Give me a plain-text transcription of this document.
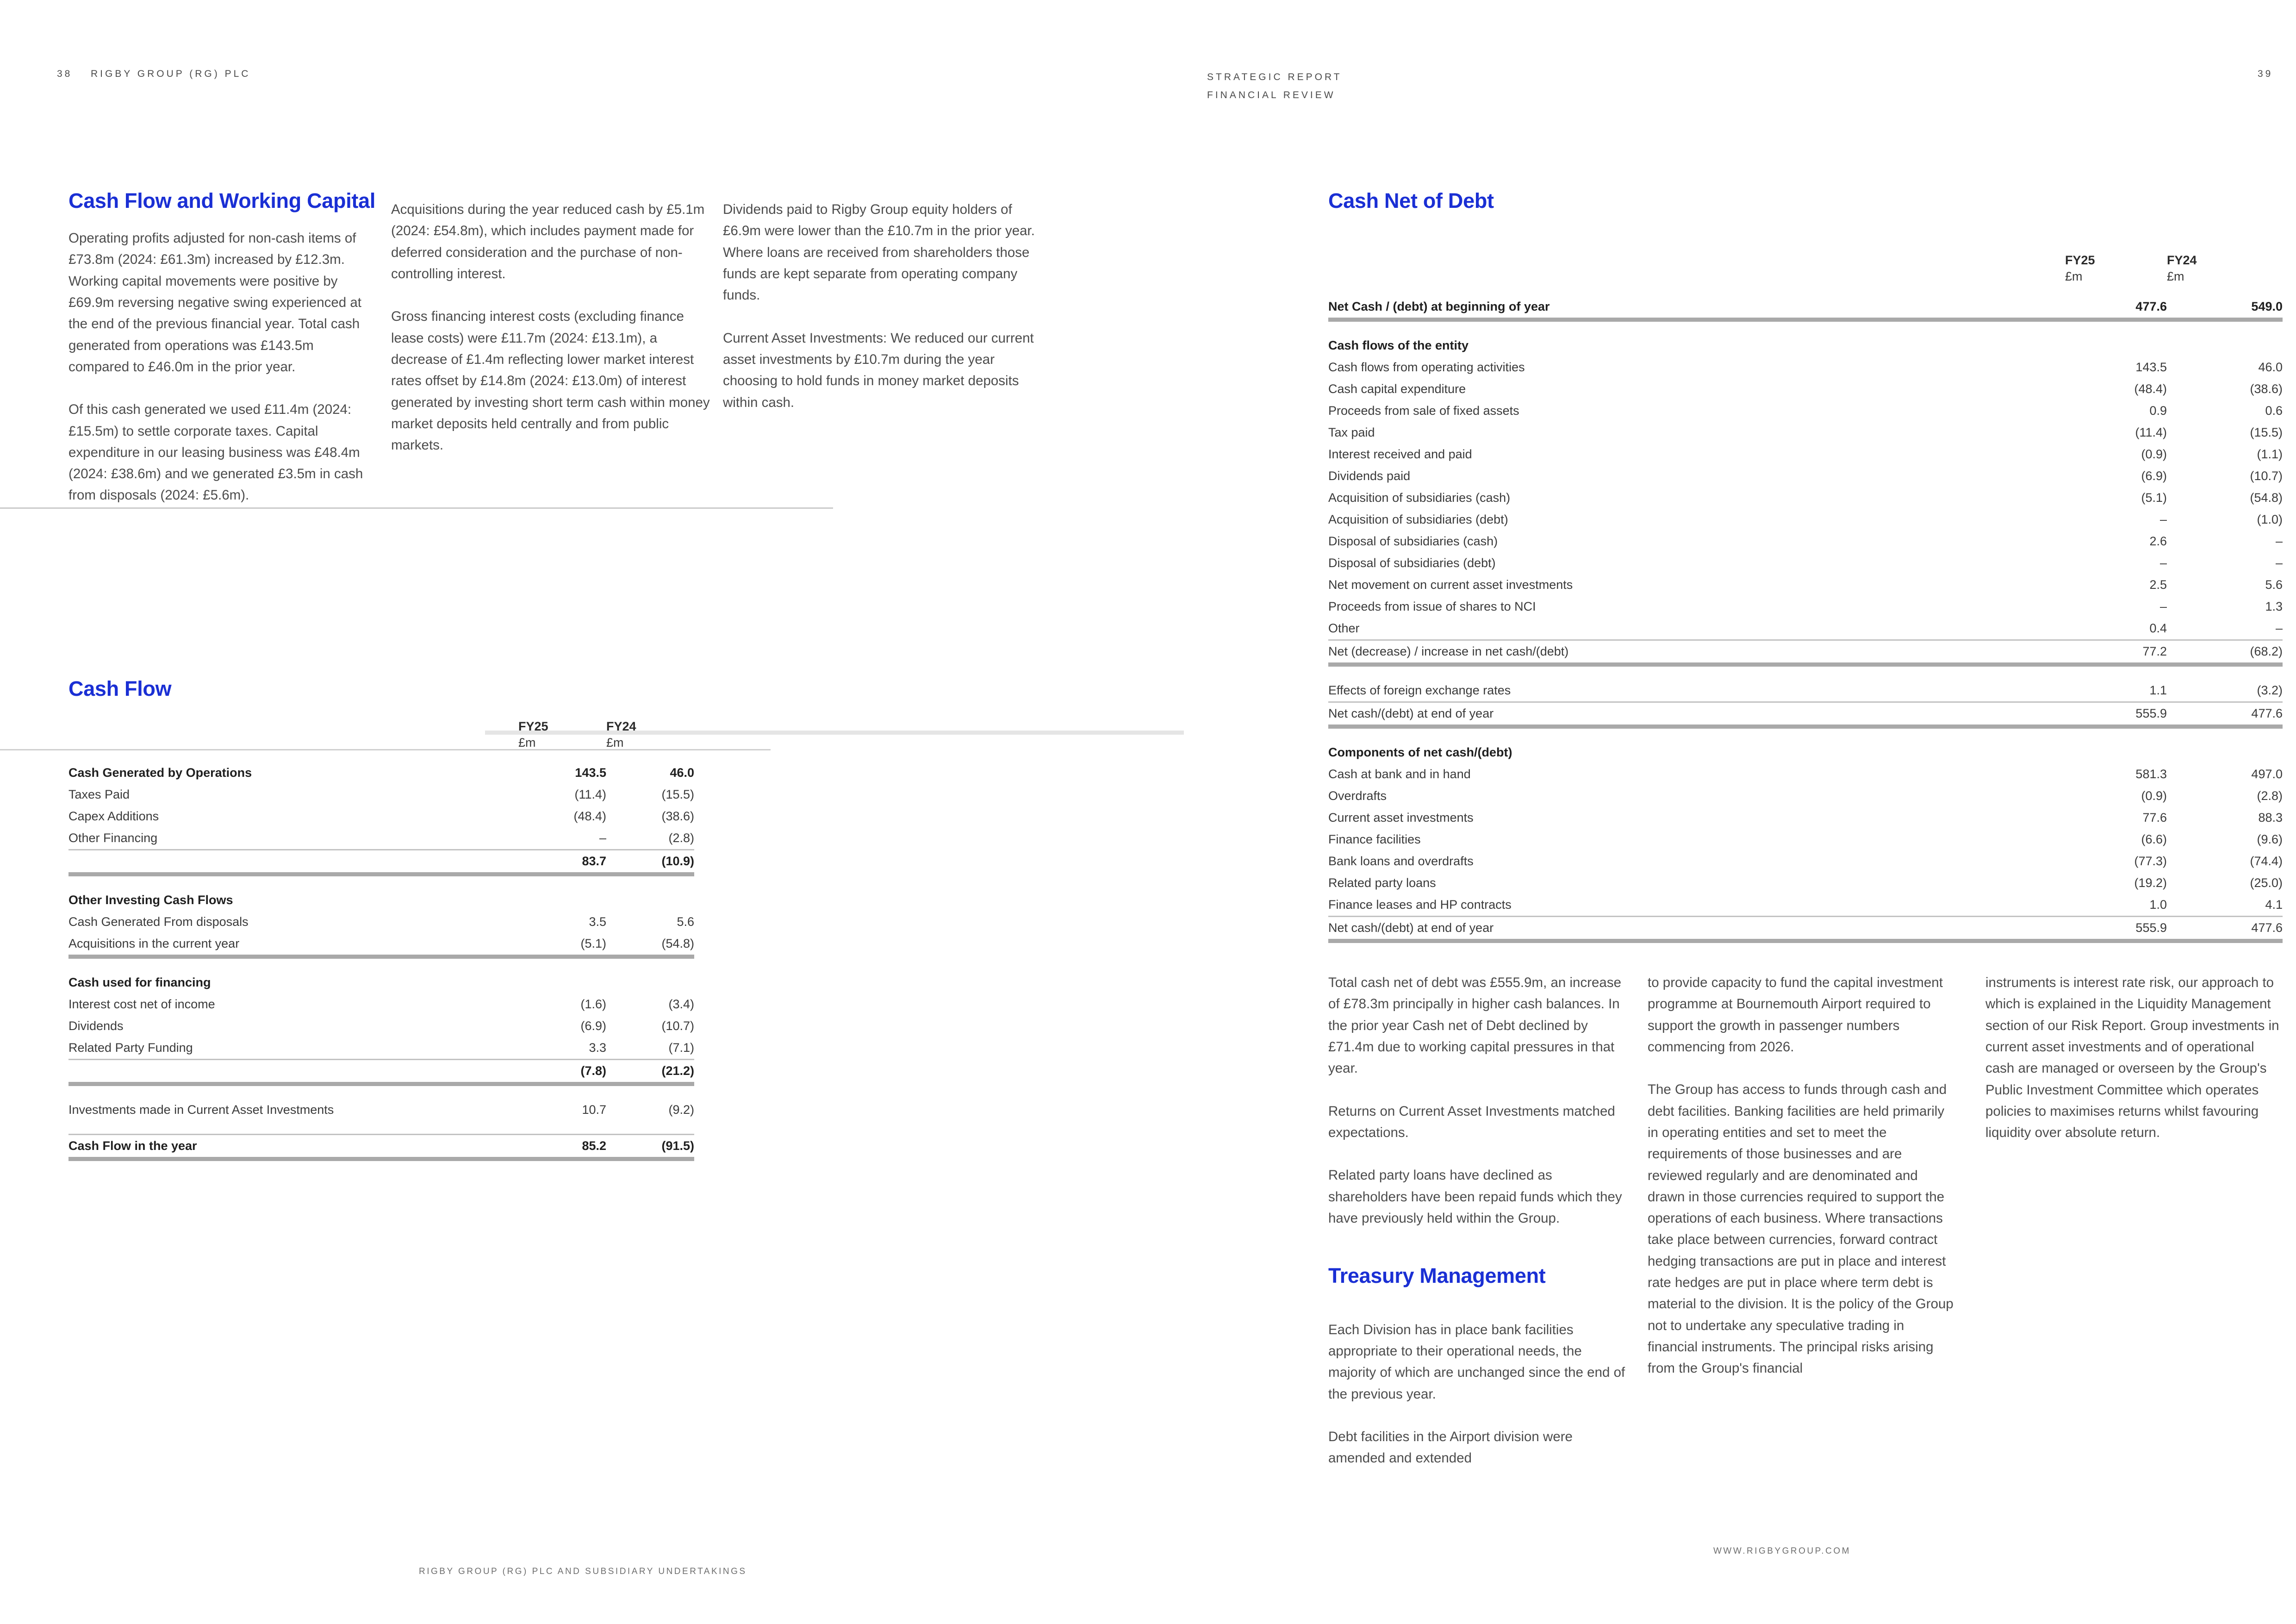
38 RIGBY GROUP (RG) PLC
Cash Flow and Working Capital

Operating profits adjusted for non-cash items of £73.8m (2024: £61.3m) increased by £12.3m. Working capital movements were positive by £69.9m reversing negative swing experienced at the end of the previous financial year. Total cash generated from operations was £143.5m compared to £46.0m in the prior year.

Of this cash generated we used £11.4m (2024: £15.5m) to settle corporate taxes. Capital expenditure in our leasing business was £48.4m (2024: £38.6m) and we generated £3.5m in cash from disposals (2024: £5.6m).

Acquisitions during the year reduced cash by £5.1m (2024: £54.8m), which includes payment made for deferred consideration and the purchase of non-controlling interest.

Gross financing interest costs (excluding finance lease costs) were £11.7m (2024: £13.1m), a decrease of £1.4m reflecting lower market interest rates offset by £14.8m (2024: £13.0m) of interest generated by investing short term cash within money market deposits held centrally and from public markets.

Dividends paid to Rigby Group equity holders of £6.9m were lower than the £10.7m in the prior year. Where loans are received from shareholders those funds are kept separate from operating company funds.

Current Asset Investments: We reduced our current asset investments by £10.7m during the year choosing to hold funds in money market deposits within cash.

Cash Flow
FY25	FY24
£m	£m
Cash Generated by Operations	143.5	46.0
Taxes Paid	(11.4)	(15.5)
Capex Additions	(48.4)	(38.6)
Other Financing	–	(2.8)
83.7	(10.9)
Other Investing Cash Flows
Cash Generated From disposals	3.5	5.6
Acquisitions in the current year	(5.1)	(54.8)
Cash used for financing
Interest cost net of income	(1.6)	(3.4)
Dividends	(6.9)	(10.7)
Related Party Funding	3.3	(7.1)
(7.8)	(21.2)
Investments made in Current Asset Investments	10.7	(9.2)
Cash Flow in the year	85.2	(91.5)
RIGBY GROUP (RG) PLC AND SUBSIDIARY UNDERTAKINGS
STRATEGIC REPORT
FINANCIAL REVIEW
39
Cash Net of Debt
FY25	FY24
£m	£m
Net Cash / (debt) at beginning of year	477.6	549.0
Cash flows of the entity
Cash flows from operating activities	143.5	46.0
Cash capital expenditure	(48.4)	(38.6)
Proceeds from sale of fixed assets	0.9	0.6
Tax paid	(11.4)	(15.5)
Interest received and paid	(0.9)	(1.1)
Dividends paid	(6.9)	(10.7)
Acquisition of subsidiaries (cash)	(5.1)	(54.8)
Acquisition of subsidiaries (debt)	–	(1.0)
Disposal of subsidiaries (cash)	2.6	–
Disposal of subsidiaries (debt)	–	–
Net movement on current asset investments	2.5	5.6
Proceeds from issue of shares to NCI	–	1.3
Other	0.4	–
Net (decrease) / increase in net cash/(debt)	77.2	(68.2)
Effects of foreign exchange rates	1.1	(3.2)
Net cash/(debt) at end of year	555.9	477.6
Components of net cash/(debt)
Cash at bank and in hand	581.3	497.0
Overdrafts	(0.9)	(2.8)
Current asset investments	77.6	88.3
Finance facilities	(6.6)	(9.6)
Bank loans and overdrafts	(77.3)	(74.4)
Related party loans	(19.2)	(25.0)
Finance leases and HP contracts	1.0	4.1
Net cash/(debt) at end of year	555.9	477.6

Total cash net of debt was £555.9m, an increase of £78.3m principally in higher cash balances. In the prior year Cash net of Debt declined by £71.4m due to working capital pressures in that year.

Returns on Current Asset Investments matched expectations.

Related party loans have declined as shareholders have been repaid funds which they have previously held within the Group.

Treasury Management

Each Division has in place bank facilities appropriate to their operational needs, the majority of which are unchanged since the end of the previous year.

Debt facilities in the Airport division were amended and extended

to provide capacity to fund the capital investment programme at Bournemouth Airport required to support the growth in passenger numbers commencing from 2026.

The Group has access to funds through cash and debt facilities. Banking facilities are held primarily in operating entities and set to meet the requirements of those businesses and are reviewed regularly and are denominated and drawn in those currencies required to support the operations of each business. Where transactions take place between currencies, forward contract hedging transactions are put in place and interest rate hedges are put in place where term debt is material to the division. It is the policy of the Group not to undertake any speculative trading in financial instruments. The principal risks arising from the Group's financial

instruments is interest rate risk, our approach to which is explained in the Liquidity Management section of our Risk Report. Group investments in current asset investments and of operational cash are managed or overseen by the Group's Public Investment Committee which operates policies to maximises returns whilst favouring liquidity over absolute return.

WWW.RIGBYGROUP.COM
